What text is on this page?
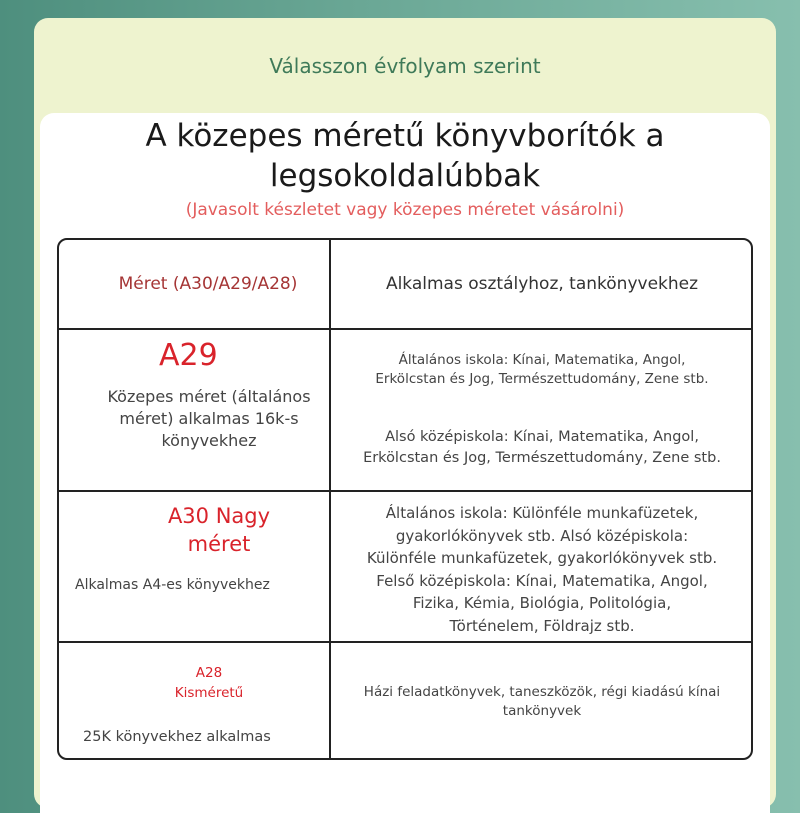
Válasszon évfolyam szerint
A közepes méretű könyvborítók a
legsokoldalúbbak
(Javasolt készletet vagy közepes méretet vásárolni)
Méret (A30/A29/A28)	Alkalmas osztályhoz, tankönyvekhez
A29
Közepes méret (általános
méret) alkalmas 16k-s
könyvekhez
Általános iskola: Kínai, Matematika, Angol,
Erkölcstan és Jog, Természettudomány, Zene stb.
Alsó középiskola: Kínai, Matematika, Angol,
Erkölcstan és Jog, Természettudomány, Zene stb.
A30 Nagy
méret
Alkalmas A4-es könyvekhez
Általános iskola: Különféle munkafüzetek,
gyakorlókönyvek stb. Alsó középiskola:
Különféle munkafüzetek, gyakorlókönyvek stb.
Felső középiskola: Kínai, Matematika, Angol,
Fizika, Kémia, Biológia, Politológia,
Történelem, Földrajz stb.
A28
Kisméretű
25K könyvekhez alkalmas
Házi feladatkönyvek, taneszközök, régi kiadású kínai
tankönyvek
